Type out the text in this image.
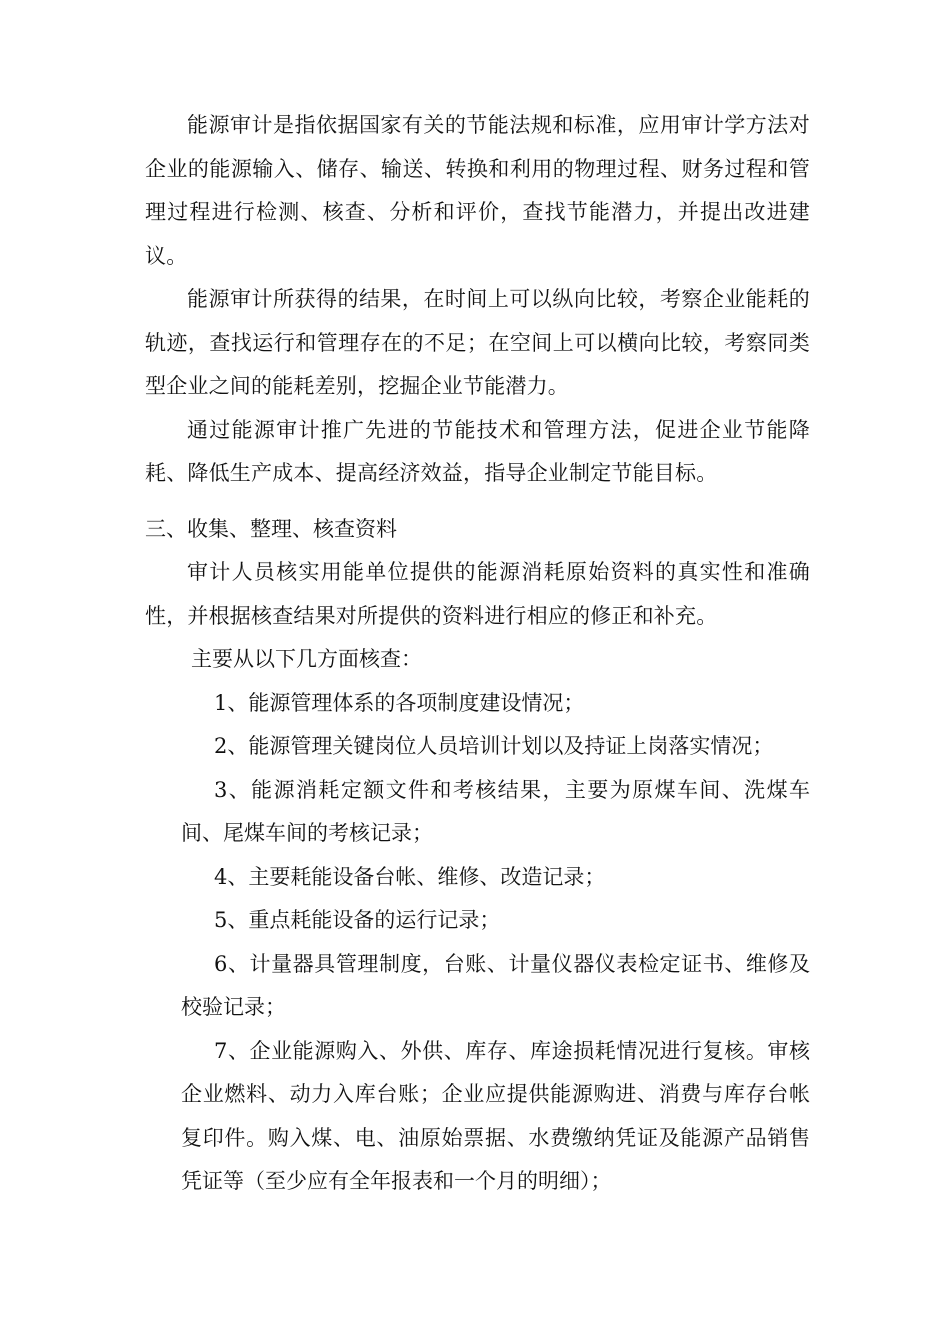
能源审计是指依据国家有关的节能法规和标准，应用审计学方法对企业的能源输入、储存、输送、转换和利用的物理过程、财务过程和管理过程进行检测、核查、分析和评价，查找节能潜力，并提出改进建议。

能源审计所获得的结果，在时间上可以纵向比较，考察企业能耗的轨迹，查找运行和管理存在的不足；在空间上可以横向比较，考察同类型企业之间的能耗差别，挖掘企业节能潜力。

通过能源审计推广先进的节能技术和管理方法，促进企业节能降耗、降低生产成本、提高经济效益，指导企业制定节能目标。

三、收集、整理、核查资料

审计人员核实用能单位提供的能源消耗原始资料的真实性和准确性，并根据核查结果对所提供的资料进行相应的修正和补充。

主要从以下几方面核查：

1、能源管理体系的各项制度建设情况；

2、能源管理关键岗位人员培训计划以及持证上岗落实情况；

3、能源消耗定额文件和考核结果，主要为原煤车间、洗煤车间、尾煤车间的考核记录；

4、主要耗能设备台帐、维修、改造记录；

5、重点耗能设备的运行记录；

6、计量器具管理制度，台账、计量仪器仪表检定证书、维修及校验记录；

7、企业能源购入、外供、库存、库途损耗情况进行复核。审核企业燃料、动力入库台账；企业应提供能源购进、消费与库存台帐复印件。购入煤、电、油原始票据、水费缴纳凭证及能源产品销售凭证等（至少应有全年报表和一个月的明细）；
